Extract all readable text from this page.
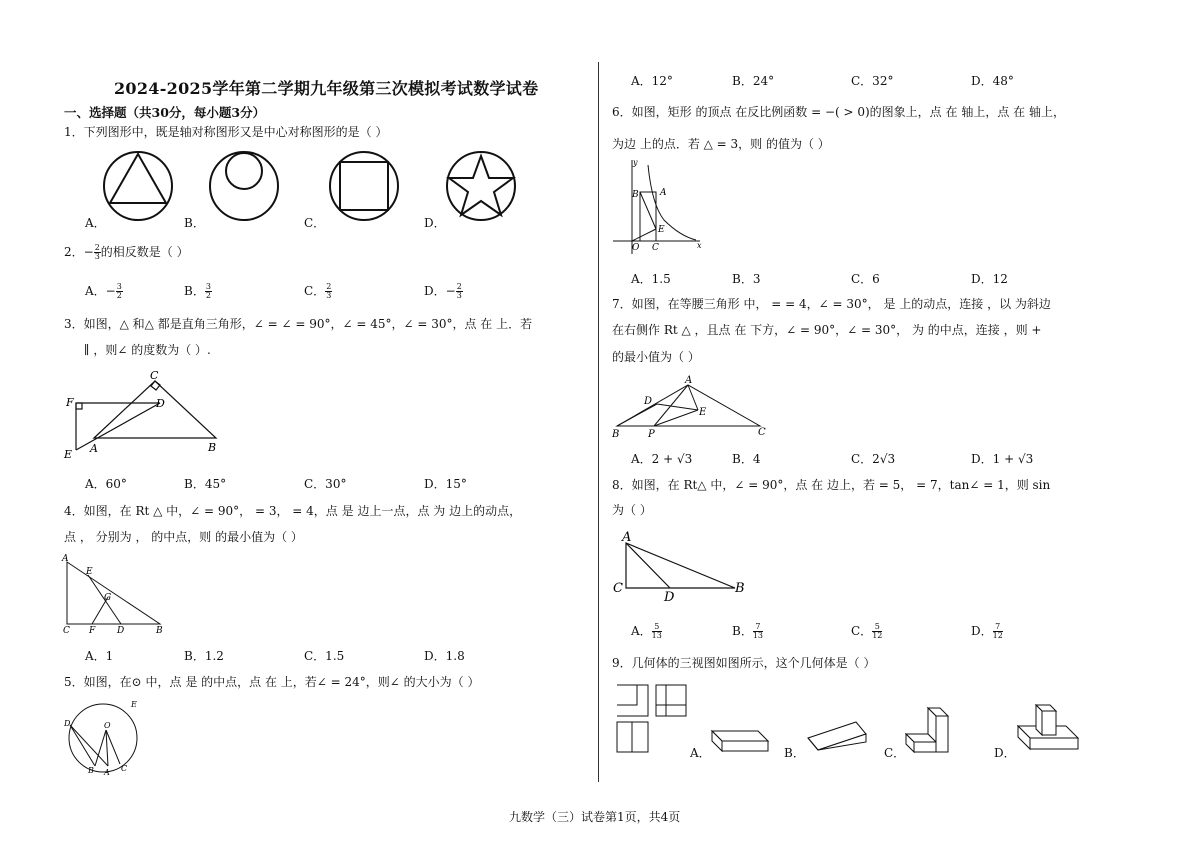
2024-2025学年第二学期九年级第三次模拟考试数学试卷
一、选择题（共30分，每小题3分）
1．下列图形中，既是轴对称图形又是中心对称图形的是（ ）
A．	B．	C．	D．
2．− $\frac{2}{3}$ 的相反数是（ ）
A．− $\frac{3}{2}$	B． $\frac{3}{2}$	C． $\frac{2}{3}$	D．− $\frac{2}{3}$
3．如图，△ 和△ 都是直角三角形，∠ = ∠ = 90°，∠ = 45°，∠ = 30°，点 在 上．若
∥ ，则∠ 的度数为（ ）.
C
F	D
E A	B
A．60°	B．45°	C．30°	D．15°
4．如图，在 Rt △ 中，∠ = 90°， = 3， = 4，点 是 边上一点，点 为 边上的动点，
点 ， 分别为 ， 的中点，则 的最小值为（ ）
A
E
G
C F D	B
A．1	B．1.2	C．1.5	D．1.8
5．如图，在⊙ 中，点 是 的中点，点 在 上，若∠ = 24°，则∠ 的大小为（ ）
D	O
E
B A C
A．12°	B．24°	C．32°	D．48°
6．如图，矩形 的顶点 在反比例函数 = −( > 0)的图象上，点 在 轴上，点 在 轴上，
为边 上的点．若 △ = 3，则 的值为（ ）
y
B A
E
O C	x
A．1.5	B．3	C．6	D．12
7．如图，在等腰三角形 中， = = 4，∠ = 30°， 是 上的动点，连接 ，以 为斜边
在右侧作 Rt △ ，且点 在 下方，∠ = 90°，∠ = 30°， 为 的中点，连接 ，则 +
的最小值为（ ）
A
D
E
B	P	C
A．2 + √3	B．4	C．2√3	D．1 + √3
8．如图，在 Rt△ 中，∠ = 90°，点 在 边上，若 = 5， = 7，tan∠ = 1，则 sin
为（ ）
A
C
D
B
A． $\frac{5}{13}$	B． $\frac{7}{13}$	C． $\frac{5}{12}$	D． $\frac{7}{12}$
9．几何体的三视图如图所示，这个几何体是（ ）
A．	B．	C．	D．
九数学（三）试卷第1页，共4页
